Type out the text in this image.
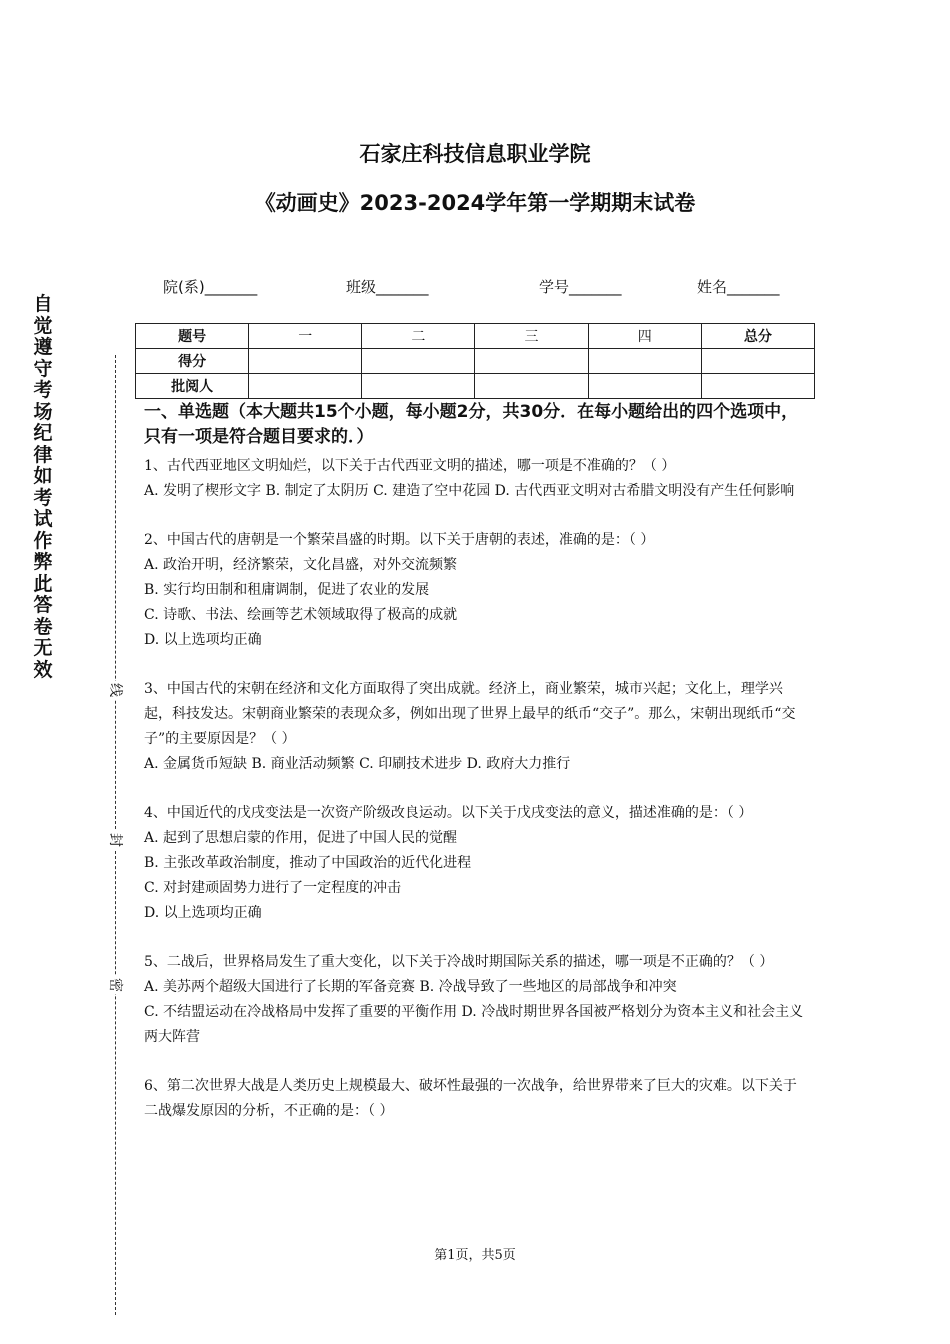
自觉遵守考场纪律如考试作弊此答卷无效
线
封
密
石家庄科技信息职业学院
《动画史》2023-2024学年第一学期期末试卷
院(系)_______	班级_______	学号_______	姓名_______
题号	一	二	三	四	总分
得分					
批阅人					
一、单选题（本大题共15个小题，每小题2分，共30分．在每小题给出的四个选项中，只有一项是符合题目要求的．）

1、古代西亚地区文明灿烂，以下关于古代西亚文明的描述，哪一项是不准确的？（ ）

A. 发明了楔形文字 B. 制定了太阴历 C. 建造了空中花园 D. 古代西亚文明对古希腊文明没有产生任何影响

2、中国古代的唐朝是一个繁荣昌盛的时期。以下关于唐朝的表述，准确的是：（ ）

A. 政治开明，经济繁荣，文化昌盛，对外交流频繁

B. 实行均田制和租庸调制，促进了农业的发展

C. 诗歌、书法、绘画等艺术领域取得了极高的成就

D. 以上选项均正确

3、中国古代的宋朝在经济和文化方面取得了突出成就。经济上，商业繁荣，城市兴起；文化上，理学兴起，科技发达。宋朝商业繁荣的表现众多，例如出现了世界上最早的纸币“交子”。那么，宋朝出现纸币“交子”的主要原因是？（ ）

A. 金属货币短缺 B. 商业活动频繁 C. 印刷技术进步 D. 政府大力推行

4、中国近代的戊戌变法是一次资产阶级改良运动。以下关于戊戌变法的意义，描述准确的是：（ ）

A. 起到了思想启蒙的作用，促进了中国人民的觉醒

B. 主张改革政治制度，推动了中国政治的近代化进程

C. 对封建顽固势力进行了一定程度的冲击

D. 以上选项均正确

5、二战后，世界格局发生了重大变化，以下关于冷战时期国际关系的描述，哪一项是不正确的？（ ）

A. 美苏两个超级大国进行了长期的军备竞赛 B. 冷战导致了一些地区的局部战争和冲突

C. 不结盟运动在冷战格局中发挥了重要的平衡作用 D. 冷战时期世界各国被严格划分为资本主义和社会主义两大阵营

6、第二次世界大战是人类历史上规模最大、破坏性最强的一次战争，给世界带来了巨大的灾难。以下关于二战爆发原因的分析，不正确的是：（ ）

第1页，共5页
